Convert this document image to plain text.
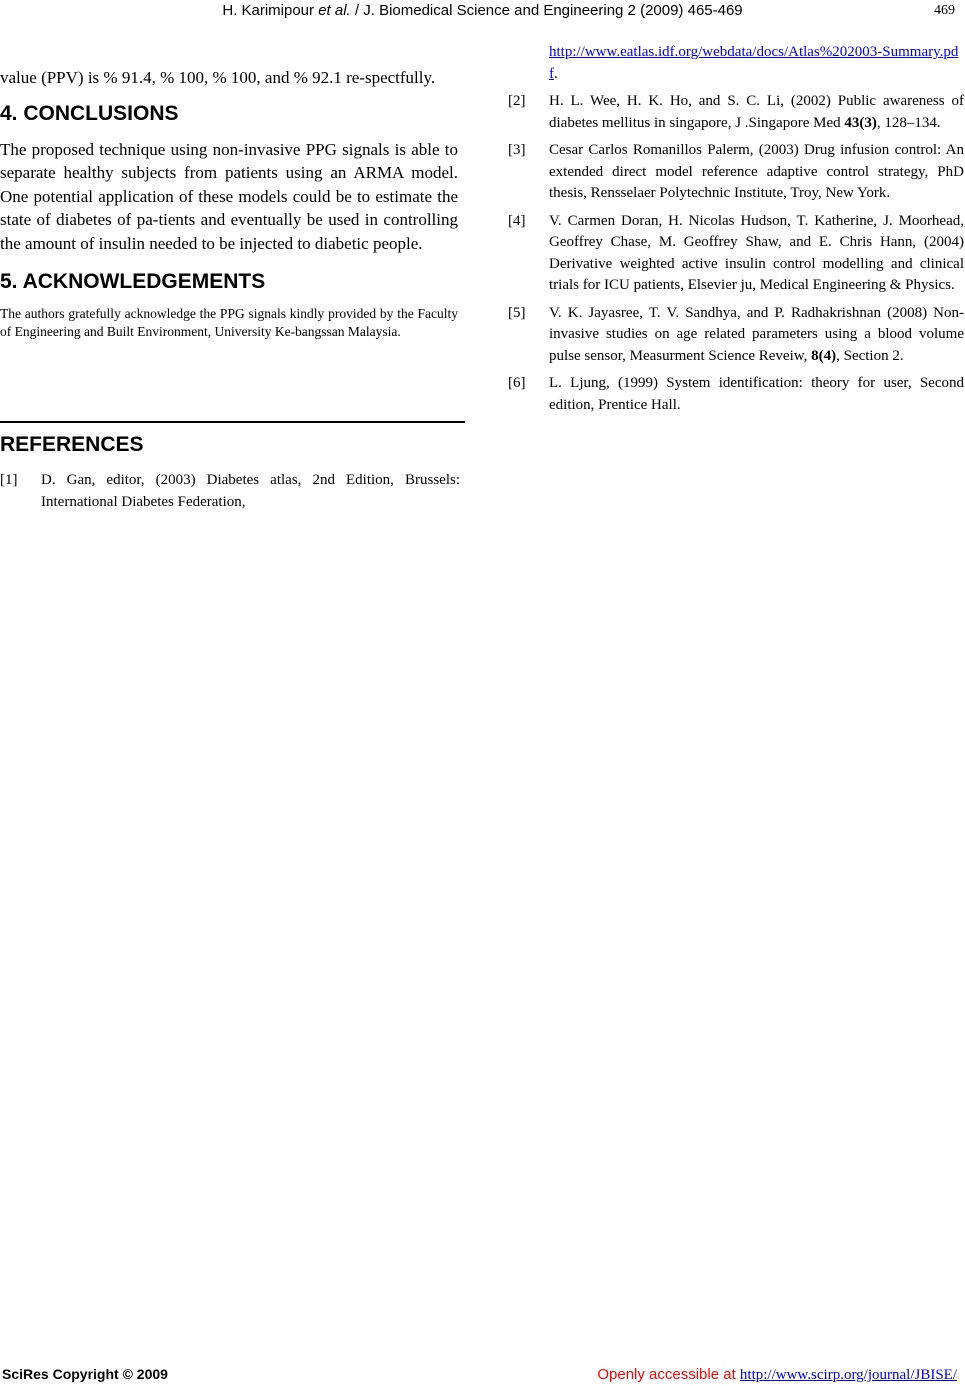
H. Karimipour et al. / J. Biomedical Science and Engineering 2 (2009) 465-469	469

value (PPV) is % 91.4, % 100, % 100, and % 92.1 re-spectfully.

4. CONCLUSIONS

The proposed technique using non-invasive PPG signals is able to separate healthy subjects from patients using an ARMA model. One potential application of these models could be to estimate the state of diabetes of pa-tients and eventually be used in controlling the amount of insulin needed to be injected to diabetic people.

5. ACKNOWLEDGEMENTS

The authors gratefully acknowledge the PPG signals kindly provided by the Faculty of Engineering and Built Environment, University Ke-bangssan Malaysia.

REFERENCES
[1] D. Gan, editor, (2003) Diabetes atlas, 2nd Edition, Brussels: International Diabetes Federation,
http://www.eatlas.idf.org/webdata/docs/Atlas%202003-Summary.pdf.
[2] H. L. Wee, H. K. Ho, and S. C. Li, (2002) Public awareness of diabetes mellitus in singapore, J .Singapore Med 43(3), 128–134.
[3] Cesar Carlos Romanillos Palerm, (2003) Drug infusion control: An extended direct model reference adaptive control strategy, PhD thesis, Rensselaer Polytechnic Institute, Troy, New York.
[4] V. Carmen Doran, H. Nicolas Hudson, T. Katherine, J. Moorhead, Geoffrey Chase, M. Geoffrey Shaw, and E. Chris Hann, (2004) Derivative weighted active insulin control modelling and clinical trials for ICU patients, Elsevier ju, Medical Engineering & Physics.
[5] V. K. Jayasree, T. V. Sandhya, and P. Radhakrishnan (2008) Non-invasive studies on age related parameters using a blood volume pulse sensor, Measurment Science Reveiw, 8(4), Section 2.
[6] L. Ljung, (1999) System identification: theory for user, Second edition, Prentice Hall.
SciRes Copyright © 2009	Openly accessible at http://www.scirp.org/journal/JBISE/
